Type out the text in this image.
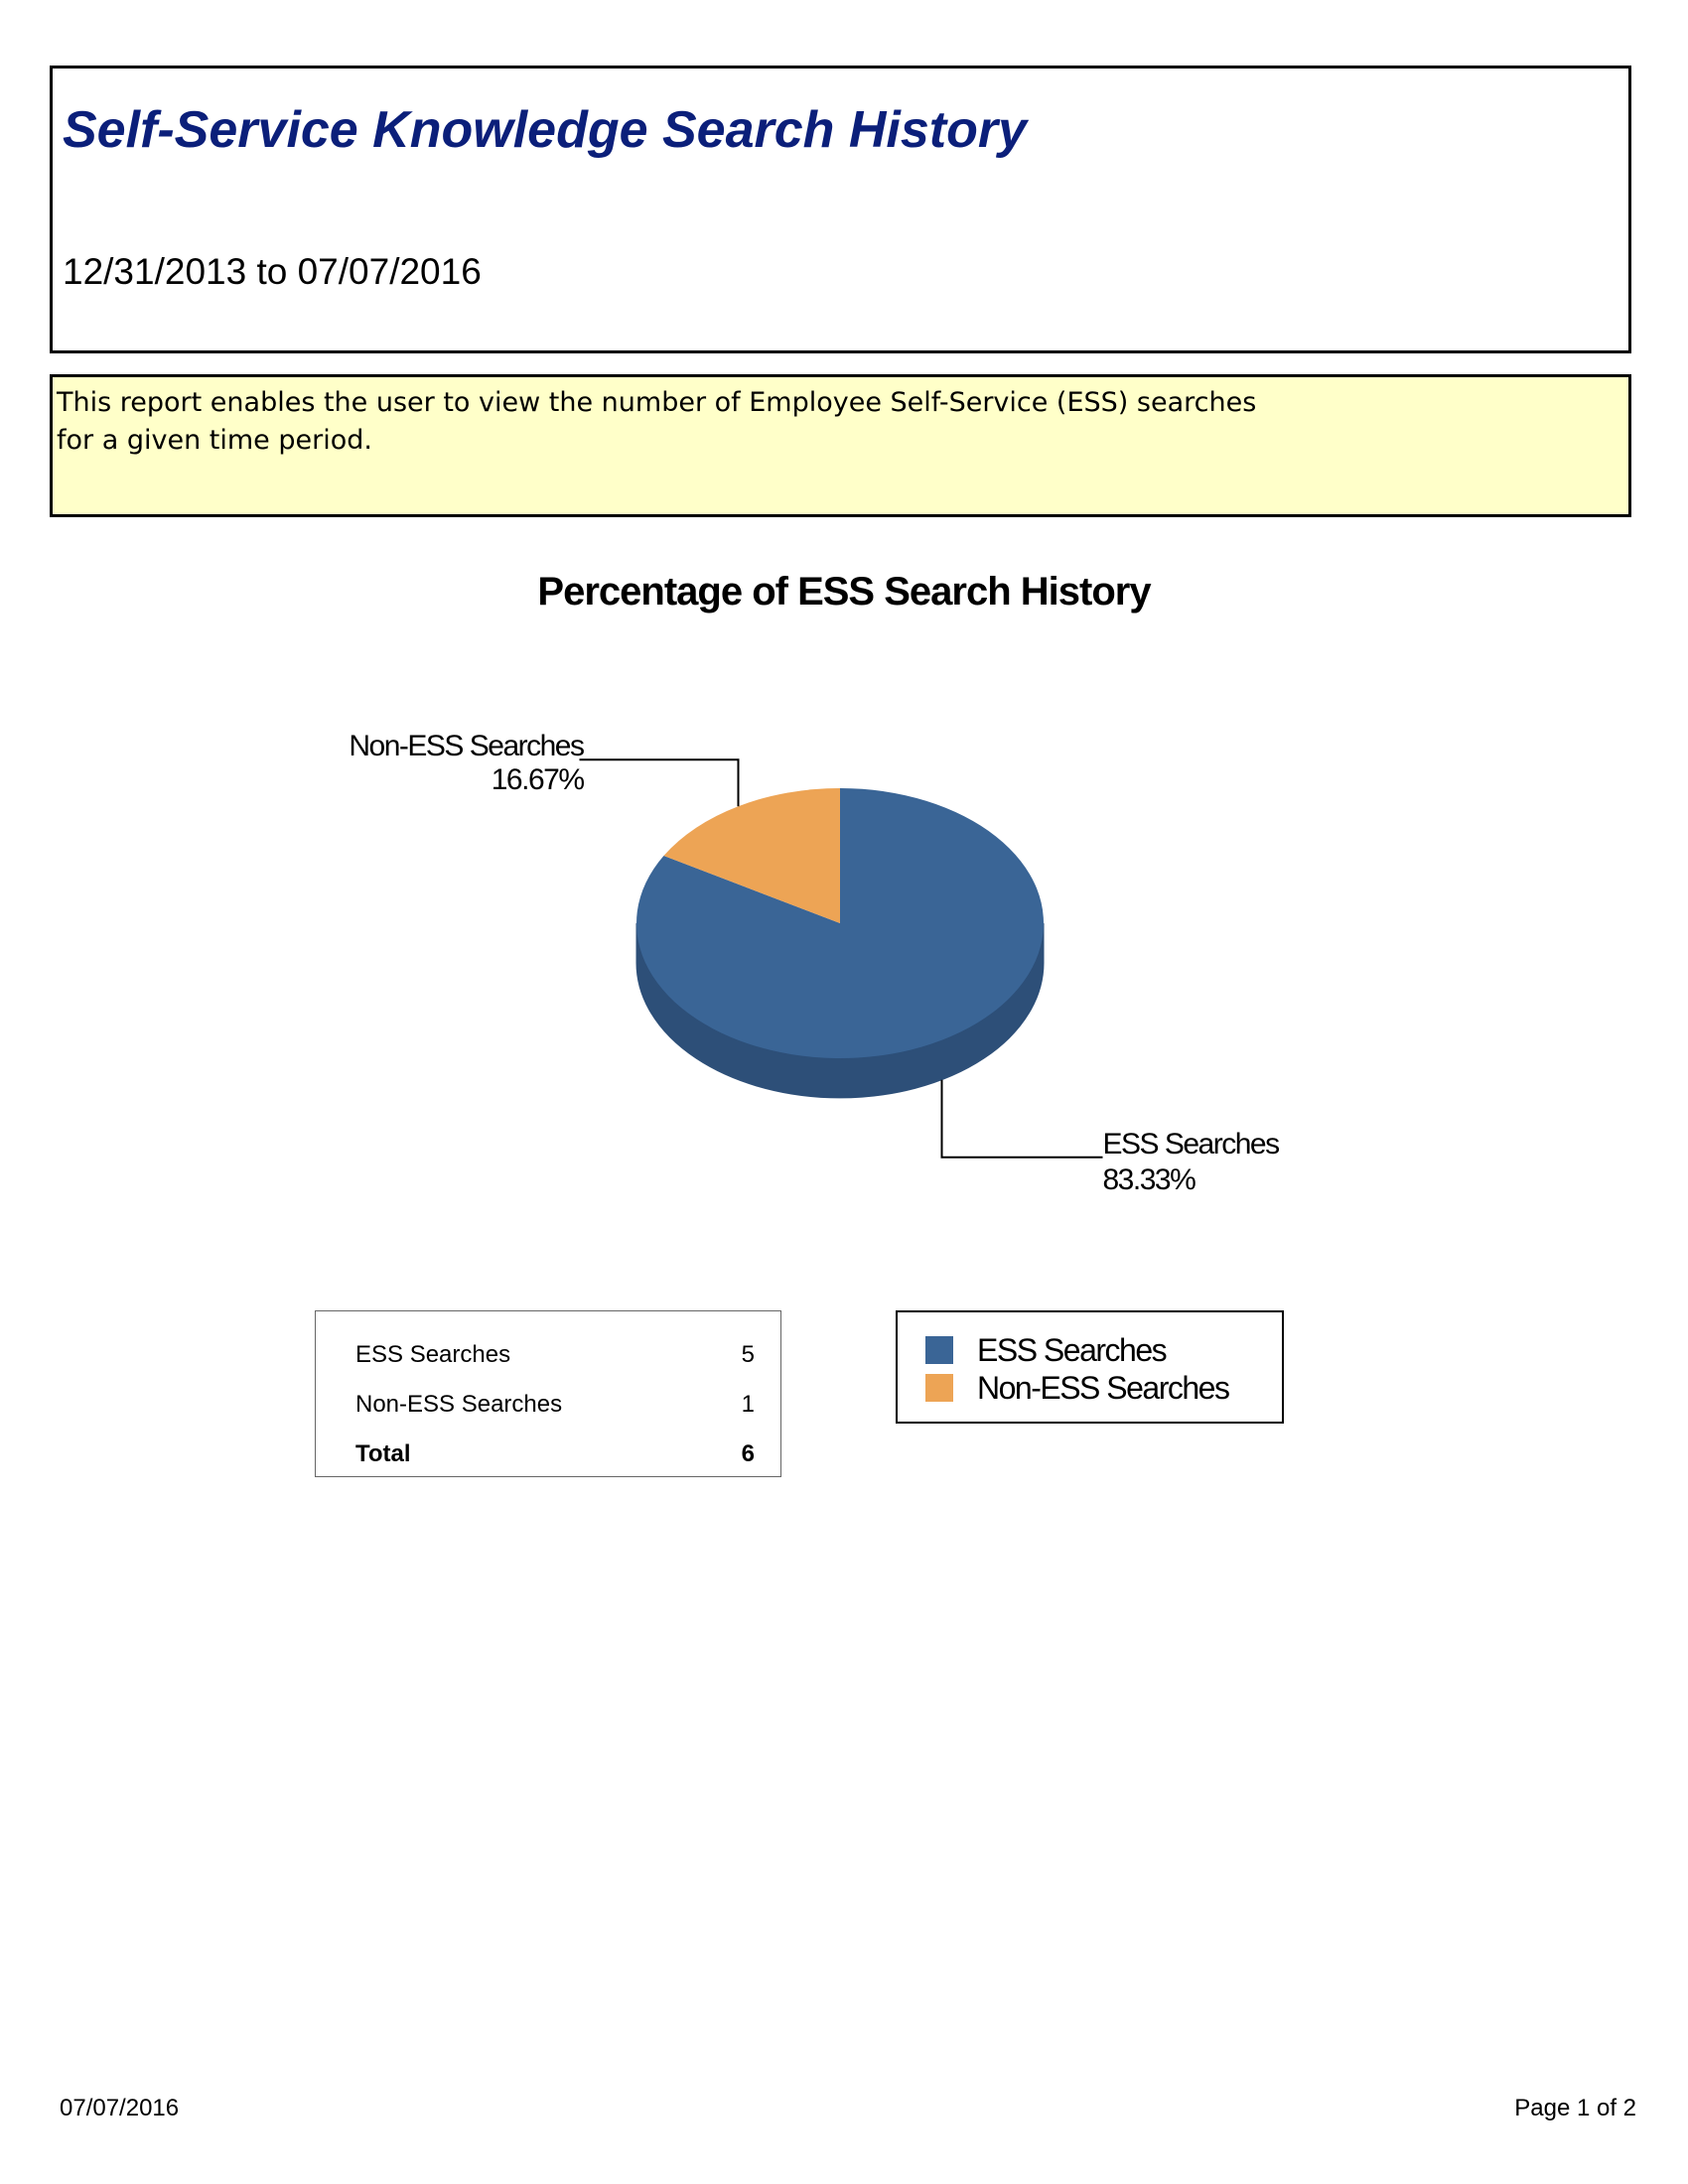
Self-Service Knowledge Search History
12/31/2013 to 07/07/2016
This report enables the user to view the number of Employee Self-Service (ESS) searches
for a given time period.
Percentage of ESS Search History
ESS Searches
83.33%
Non-ESS Searches
16.67%
ESS Searches	5
Non-ESS Searches	1
Total	6
ESS Searches
Non-ESS Searches
07/07/2016	Page 1 of 2
